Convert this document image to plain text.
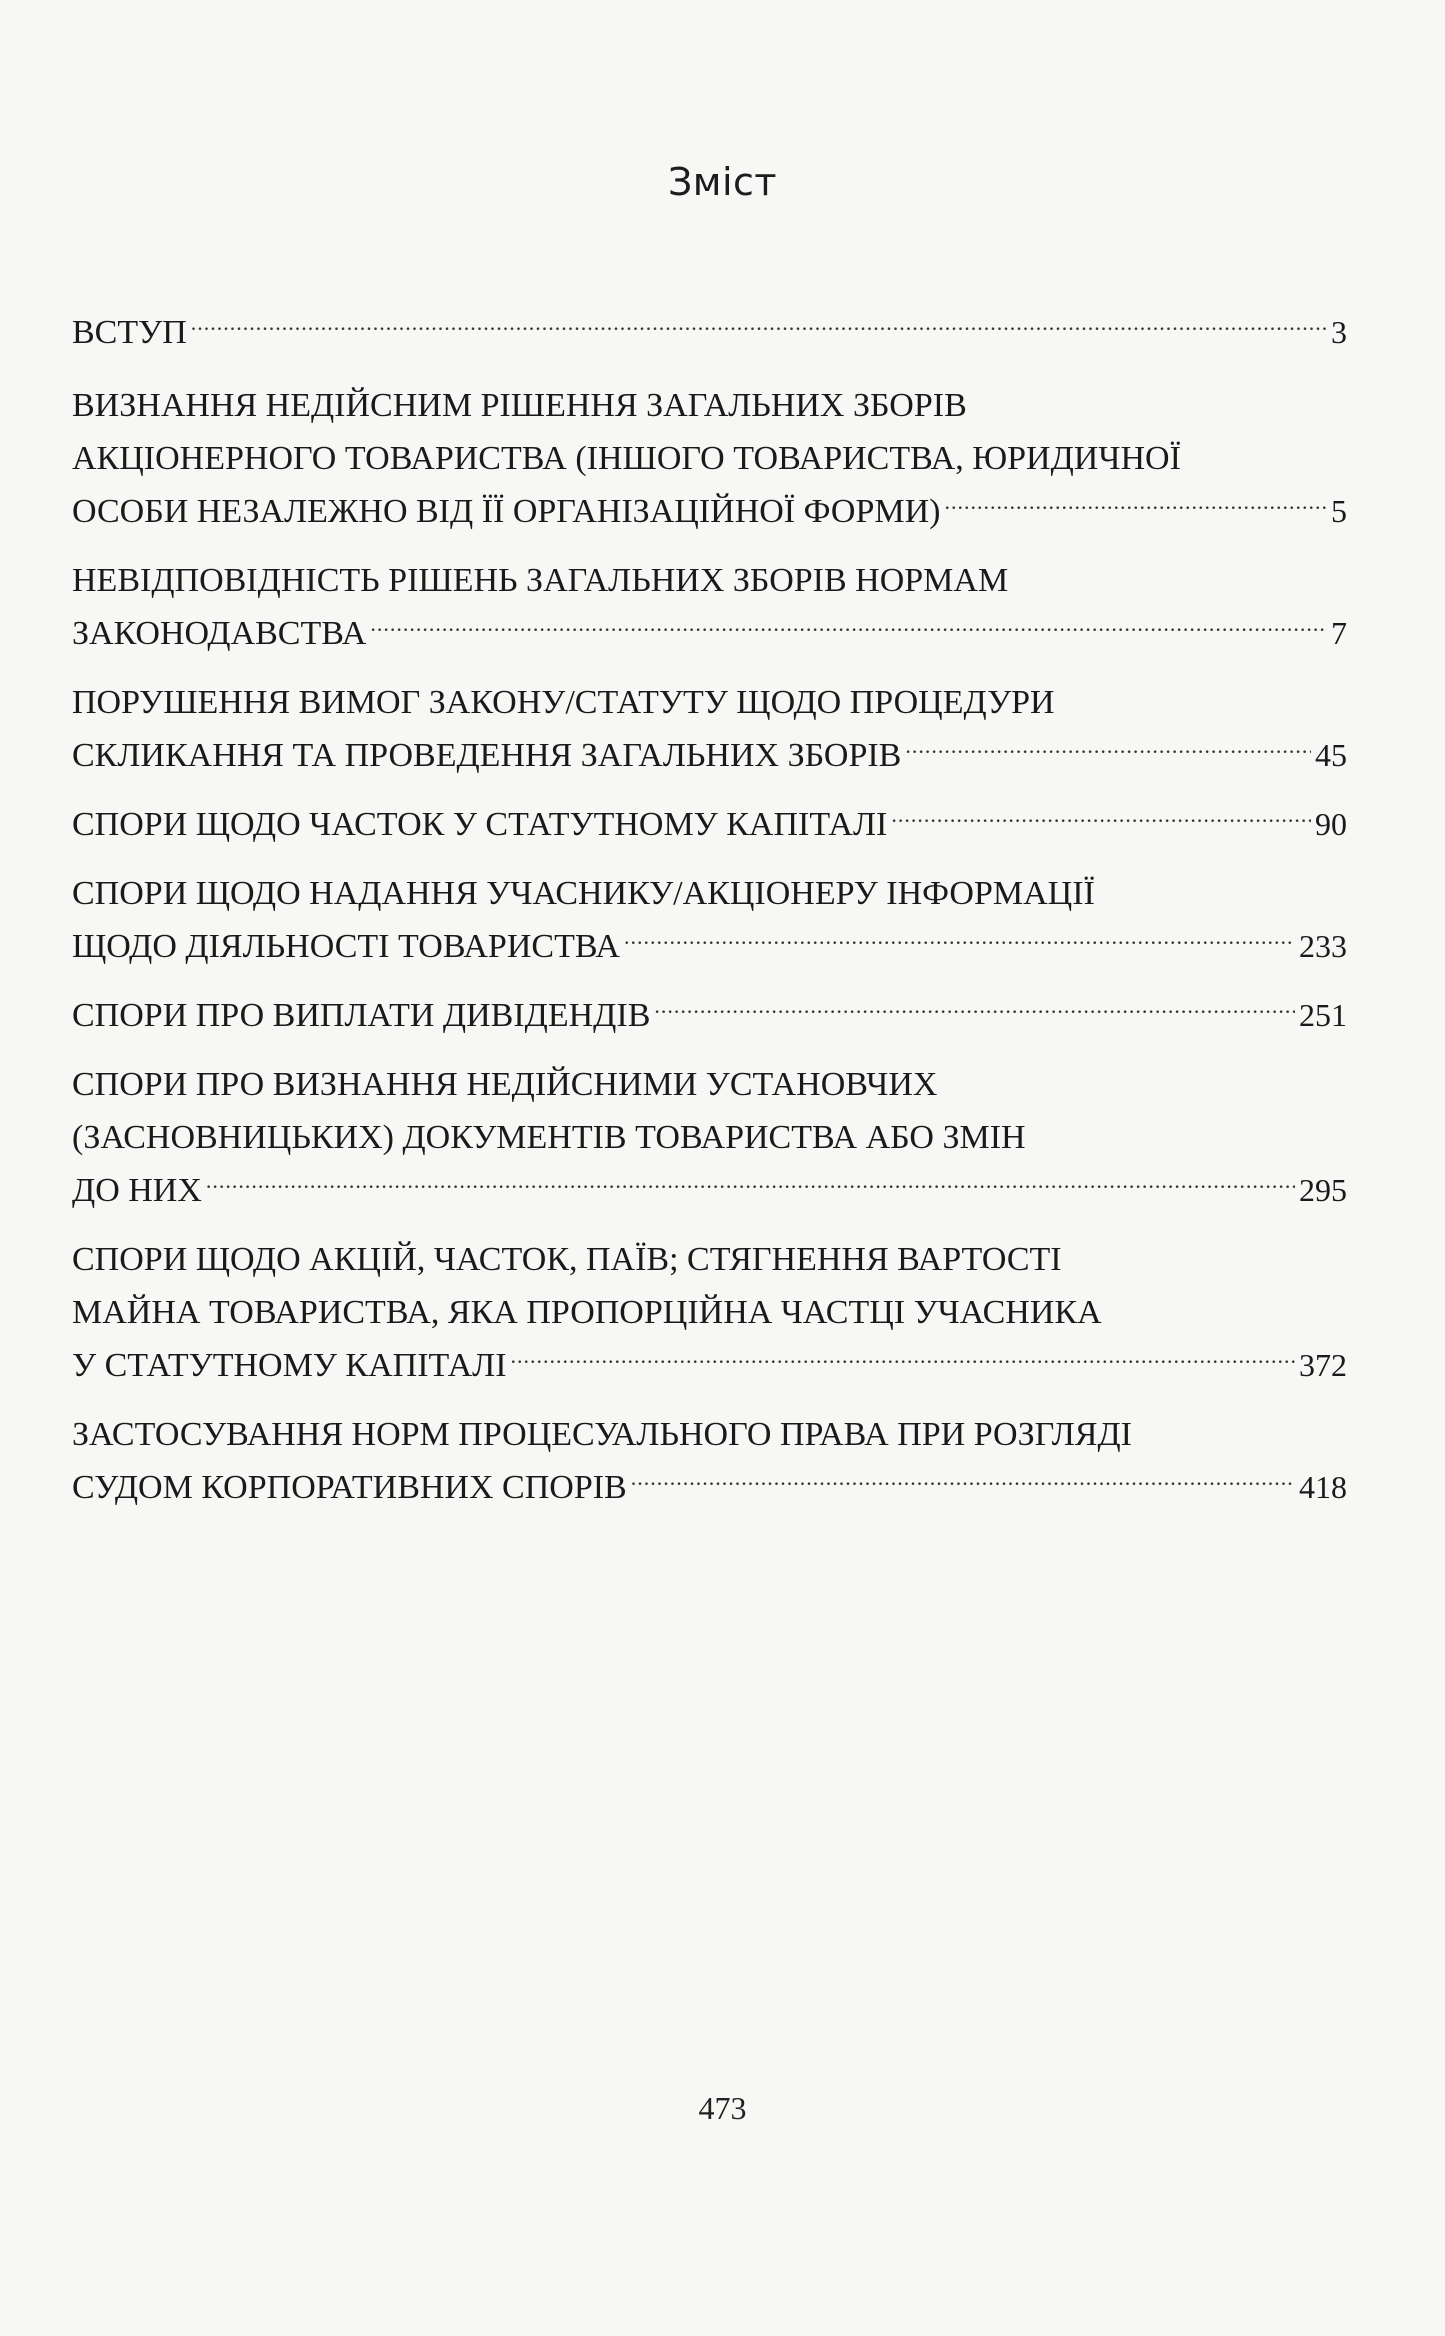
Зміст
ВСТУП .....	3
ВИЗНАННЯ НЕДІЙСНИМ РІШЕННЯ ЗАГАЛЬНИХ ЗБОРІВ
АКЦІОНЕРНОГО ТОВАРИСТВА (ІНШОГО ТОВАРИСТВА, ЮРИДИЧНОЇ
ОСОБИ НЕЗАЛЕЖНО ВІД ЇЇ ОРГАНІЗАЦІЙНОЇ ФОРМИ) .....	5
НЕВІДПОВІДНІСТЬ РІШЕНЬ ЗАГАЛЬНИХ ЗБОРІВ НОРМАМ
ЗАКОНОДАВСТВА .....	7
ПОРУШЕННЯ ВИМОГ ЗАКОНУ/СТАТУТУ ЩОДО ПРОЦЕДУРИ
СКЛИКАННЯ ТА ПРОВЕДЕННЯ ЗАГАЛЬНИХ ЗБОРІВ .....	45
СПОРИ ЩОДО ЧАСТОК У СТАТУТНОМУ КАПІТАЛІ .....	90
СПОРИ ЩОДО НАДАННЯ УЧАСНИКУ/АКЦІОНЕРУ ІНФОРМАЦІЇ
ЩОДО ДІЯЛЬНОСТІ ТОВАРИСТВА .....	233
СПОРИ ПРО ВИПЛАТИ ДИВІДЕНДІВ .....	251
СПОРИ ПРО ВИЗНАННЯ НЕДІЙСНИМИ УСТАНОВЧИХ
(ЗАСНОВНИЦЬКИХ) ДОКУМЕНТІВ ТОВАРИСТВА АБО ЗМІН
ДО НИХ .....	295
СПОРИ ЩОДО АКЦІЙ, ЧАСТОК, ПАЇВ; СТЯГНЕННЯ ВАРТОСТІ
МАЙНА ТОВАРИСТВА, ЯКА ПРОПОРЦІЙНА ЧАСТЦІ УЧАСНИКА
У СТАТУТНОМУ КАПІТАЛІ .....	372
ЗАСТОСУВАННЯ НОРМ ПРОЦЕСУАЛЬНОГО ПРАВА ПРИ РОЗГЛЯДІ
СУДОМ КОРПОРАТИВНИХ СПОРІВ .....	418
473
